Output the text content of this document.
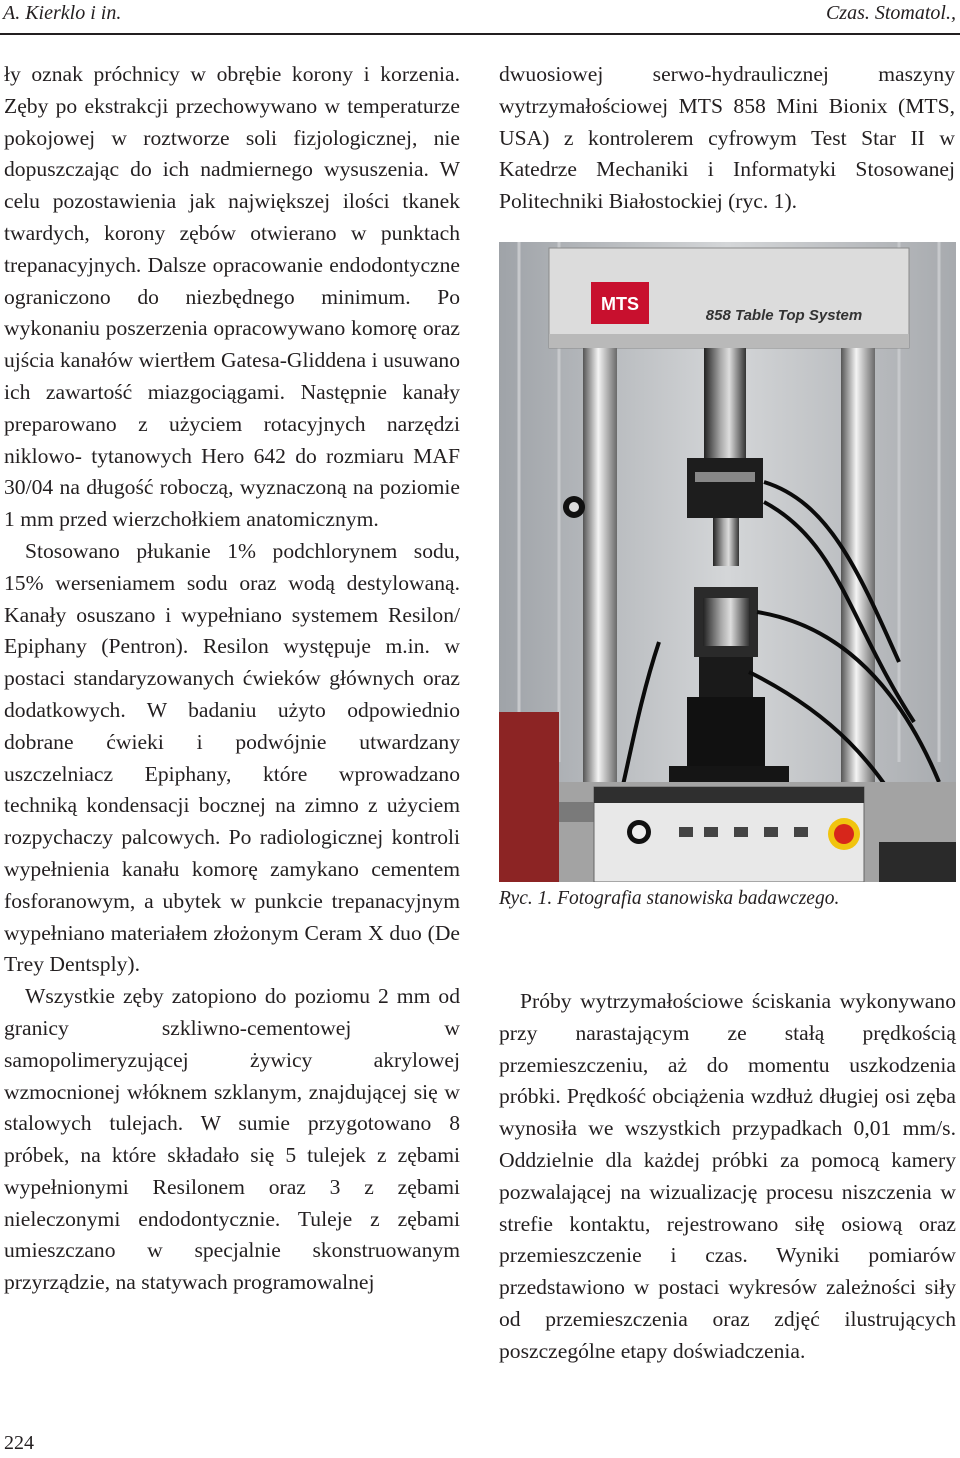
A. Kierklo i in.	Czas. Stomatol.,

ły oznak próchnicy w obrębie korony i korzenia. Zęby po ekstrakcji przechowywano w temperaturze pokojowej w roztworze soli fizjologicznej, nie dopuszczając do ich nadmiernego wysuszenia. W celu pozostawienia jak największej ilości tkanek twardych, korony zębów otwierano w punktach trepanacyjnych. Dalsze opracowanie endodontyczne ograniczono do niezbędnego minimum. Po wykonaniu poszerzenia opracowywano komorę oraz ujścia kanałów wiertłem Gatesa-Gliddena i usuwano ich zawartość miazgociągami. Następnie kanały preparowano z użyciem rotacyjnych narzędzi niklowo- tytanowych Hero 642 do rozmiaru MAF 30/04 na długość roboczą, wyznaczoną na poziomie 1 mm przed wierzchołkiem anatomicznym.

Stosowano płukanie 1% podchlorynem sodu, 15% werseniamem sodu oraz wodą destylowaną. Kanały osuszano i wypełniano systemem Resilon/ Epiphany (Pentron). Resilon występuje m.in. w postaci standaryzowanych ćwieków głównych oraz dodatkowych. W badaniu użyto odpowiednio dobrane ćwieki i podwójnie utwardzany uszczelniacz Epiphany, które wprowadzano techniką kondensacji bocznej na zimno z użyciem rozpychaczy palcowych. Po radiologicznej kontroli wypełnienia kanału komorę zamykano cementem fosforanowym, a ubytek w punkcie trepanacyjnym wypełniano materiałem złożonym Ceram X duo (De Trey Dentsply).

Wszystkie zęby zatopiono do poziomu 2 mm od granicy szkliwno-cementowej w samopolimeryzującej żywicy akrylowej wzmocnionej włóknem szklanym, znajdującej się w stalowych tulejach. W sumie przygotowano 8 próbek, na które składało się 5 tulejek z zębami wypełnionymi Resilonem oraz 3 z zębami nieleczonymi endodontycznie. Tuleje z zębami umieszczano w specjalnie skonstruowanym przyrządzie, na statywach programowalnej

dwuosiowej serwo-hydraulicznej maszyny wytrzymałościowej MTS 858 Mini Bionix (MTS, USA) z kontrolerem cyfrowym Test Star II w Katedrze Mechaniki i Informatyki Stosowanej Politechniki Białostockiej (ryc. 1).

MTS
858 Table Top System
Ryc. 1. Fotografia stanowiska badawczego.

Próby wytrzymałościowe ściskania wykonywano przy narastającym ze stałą prędkością przemieszczeniu, aż do momentu uszkodzenia próbki. Prędkość obciążenia wzdłuż długiej osi zęba wynosiła we wszystkich przypadkach 0,01 mm/s. Oddzielnie dla każdej próbki za pomocą kamery pozwalającej na wizualizację procesu niszczenia w strefie kontaktu, rejestrowano siłę osiową oraz przemieszczenie i czas. Wyniki pomiarów przedstawiono w postaci wykresów zależności siły od przemieszczenia oraz zdjęć ilustrujących poszczególne etapy doświadczenia.

224
